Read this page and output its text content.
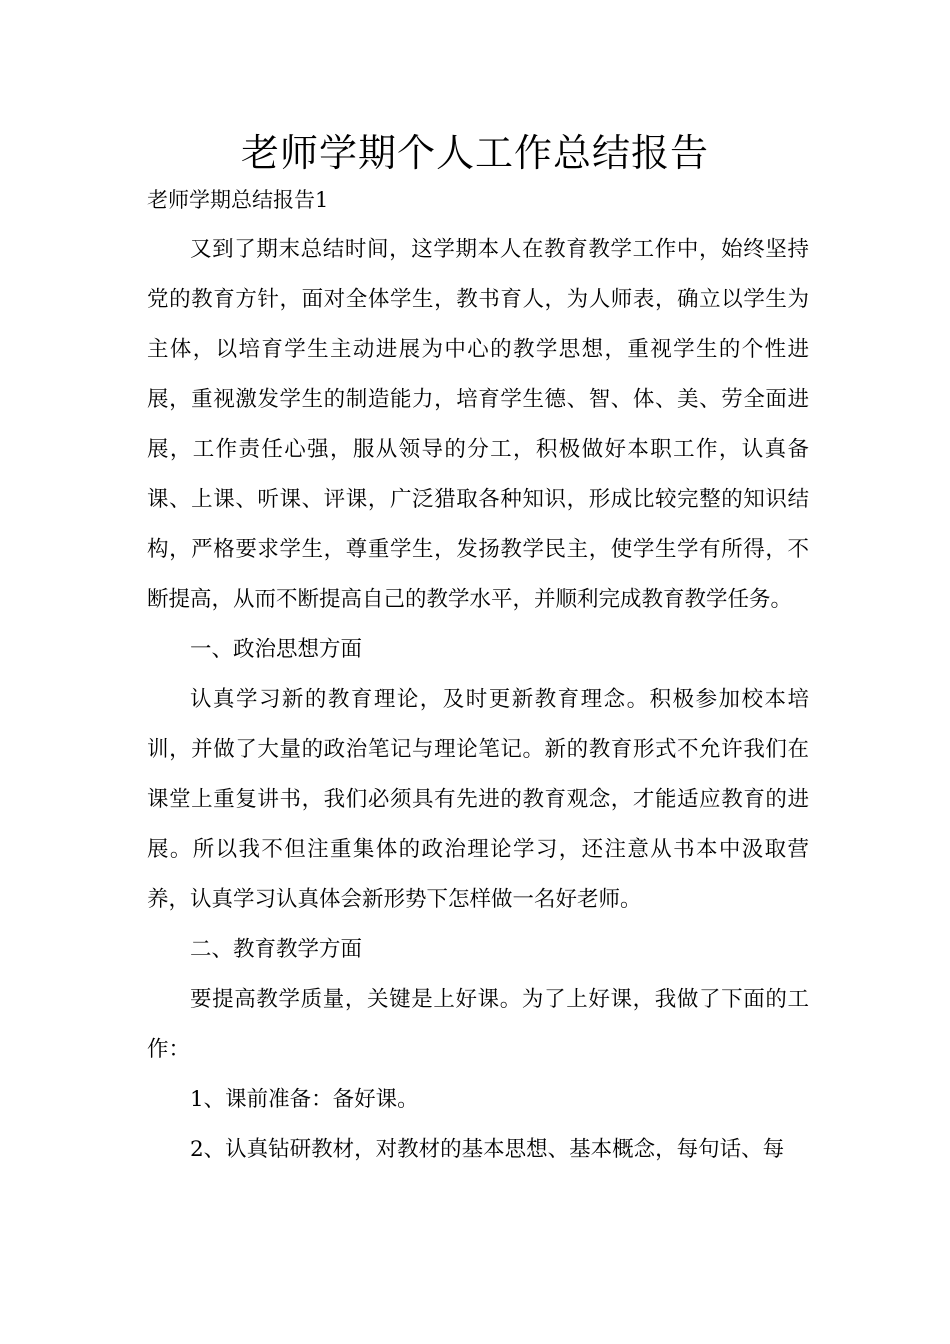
老师学期个人工作总结报告

老师学期总结报告1

又到了期末总结时间，这学期本人在教育教学工作中，始终坚持党的教育方针，面对全体学生，教书育人，为人师表，确立以学生为主体，以培育学生主动进展为中心的教学思想，重视学生的个性进展，重视激发学生的制造能力，培育学生德、智、体、美、劳全面进展，工作责任心强，服从领导的分工，积极做好本职工作，认真备课、上课、听课、评课，广泛猎取各种知识，形成比较完整的知识结构，严格要求学生，尊重学生，发扬教学民主，使学生学有所得，不断提高，从而不断提高自己的教学水平，并顺利完成教育教学任务。

一、政治思想方面

认真学习新的教育理论，及时更新教育理念。积极参加校本培训，并做了大量的政治笔记与理论笔记。新的教育形式不允许我们在课堂上重复讲书，我们必须具有先进的教育观念，才能适应教育的进展。所以我不但注重集体的政治理论学习，还注意从书本中汲取营养，认真学习认真体会新形势下怎样做一名好老师。

二、教育教学方面

要提高教学质量，关键是上好课。为了上好课，我做了下面的工作：

1、课前准备：备好课。

2、认真钻研教材，对教材的基本思想、基本概念，每句话、每
